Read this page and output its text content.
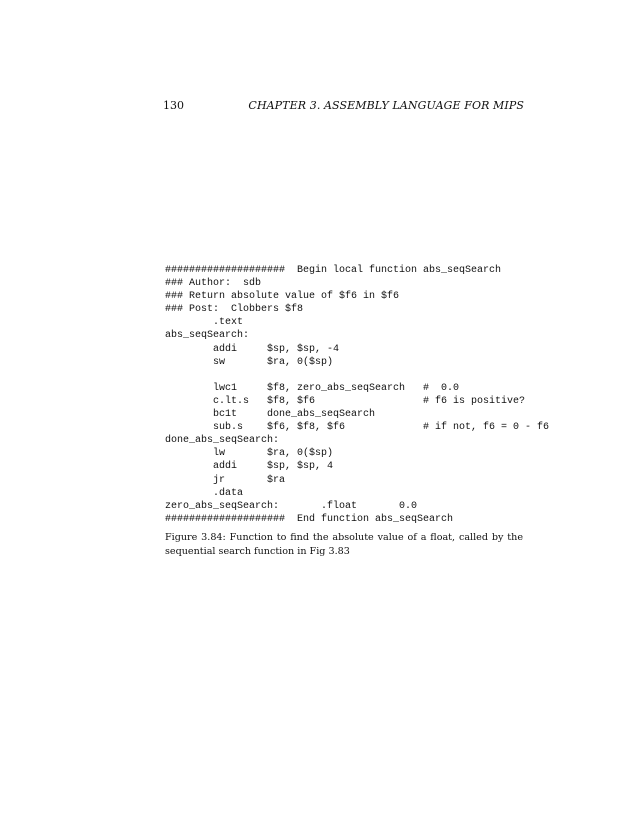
130	CHAPTER 3. ASSEMBLY LANGUAGE FOR MIPS
####################  Begin local function abs_seqSearch
### Author:  sdb
### Return absolute value of $f6 in $f6
### Post:  Clobbers $f8
.text
abs_seqSearch:
addi     $sp, $sp, -4
sw       $ra, 0($sp)
lwc1     $f8, zero_abs_seqSearch   #  0.0
c.lt.s   $f8, $f6                  # f6 is positive?
bc1t     done_abs_seqSearch
sub.s    $f6, $f8, $f6             # if not, f6 = 0 - f6
done_abs_seqSearch:
lw       $ra, 0($sp)
addi     $sp, $sp, 4
jr       $ra
.data
zero_abs_seqSearch:       .float       0.0
####################  End function abs_seqSearch
Figure 3.84: Function to find the absolute value of a float, called by the sequential search function in Fig 3.83
